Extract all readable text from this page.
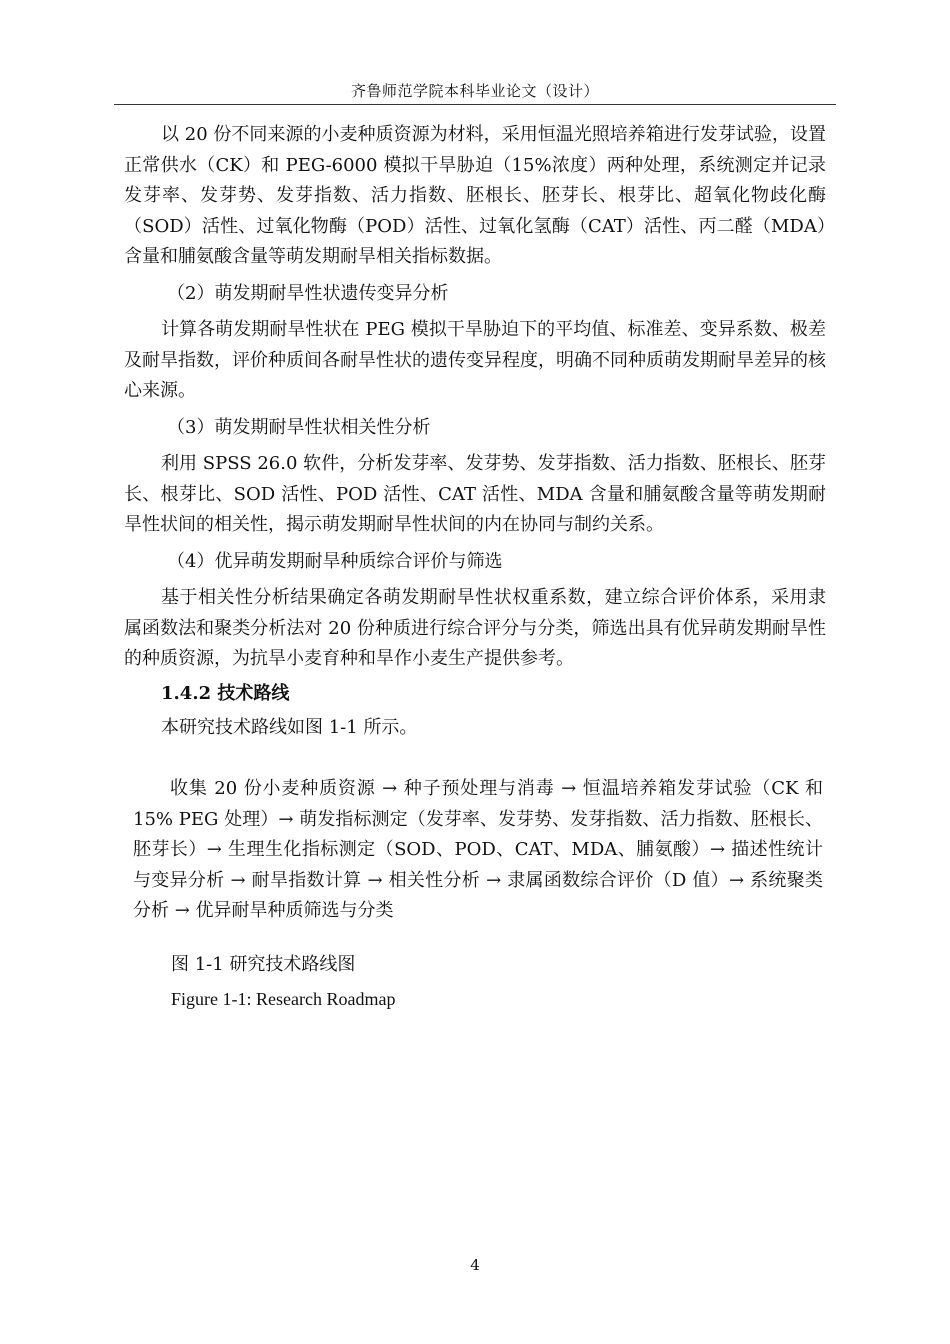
齐鲁师范学院本科毕业论文（设计）

以 20 份不同来源的小麦种质资源为材料，采用恒温光照培养箱进行发芽试验，设置正常供水（CK）和 PEG-6000 模拟干旱胁迫（15%浓度）两种处理，系统测定并记录发芽率、发芽势、发芽指数、活力指数、胚根长、胚芽长、根芽比、超氧化物歧化酶（SOD）活性、过氧化物酶（POD）活性、过氧化氢酶（CAT）活性、丙二醛（MDA）含量和脯氨酸含量等萌发期耐旱相关指标数据。

（2）萌发期耐旱性状遗传变异分析

计算各萌发期耐旱性状在 PEG 模拟干旱胁迫下的平均值、标准差、变异系数、极差及耐旱指数，评价种质间各耐旱性状的遗传变异程度，明确不同种质萌发期耐旱差异的核心来源。

（3）萌发期耐旱性状相关性分析

利用 SPSS 26.0 软件，分析发芽率、发芽势、发芽指数、活力指数、胚根长、胚芽长、根芽比、SOD 活性、POD 活性、CAT 活性、MDA 含量和脯氨酸含量等萌发期耐旱性状间的相关性，揭示萌发期耐旱性状间的内在协同与制约关系。

（4）优异萌发期耐旱种质综合评价与筛选

基于相关性分析结果确定各萌发期耐旱性状权重系数，建立综合评价体系，采用隶属函数法和聚类分析法对 20 份种质进行综合评分与分类，筛选出具有优异萌发期耐旱性的种质资源，为抗旱小麦育种和旱作小麦生产提供参考。

1.4.2 技术路线

本研究技术路线如图 1-1 所示。

收集 20 份小麦种质资源 → 种子预处理与消毒 → 恒温培养箱发芽试验（CK 和 15% PEG 处理）→ 萌发指标测定（发芽率、发芽势、发芽指数、活力指数、胚根长、胚芽长）→ 生理生化指标测定（SOD、POD、CAT、MDA、脯氨酸）→ 描述性统计与变异分析 → 耐旱指数计算 → 相关性分析 → 隶属函数综合评价（D 值）→ 系统聚类分析 → 优异耐旱种质筛选与分类

图 1-1 研究技术路线图
Figure 1-1: Research Roadmap
4
